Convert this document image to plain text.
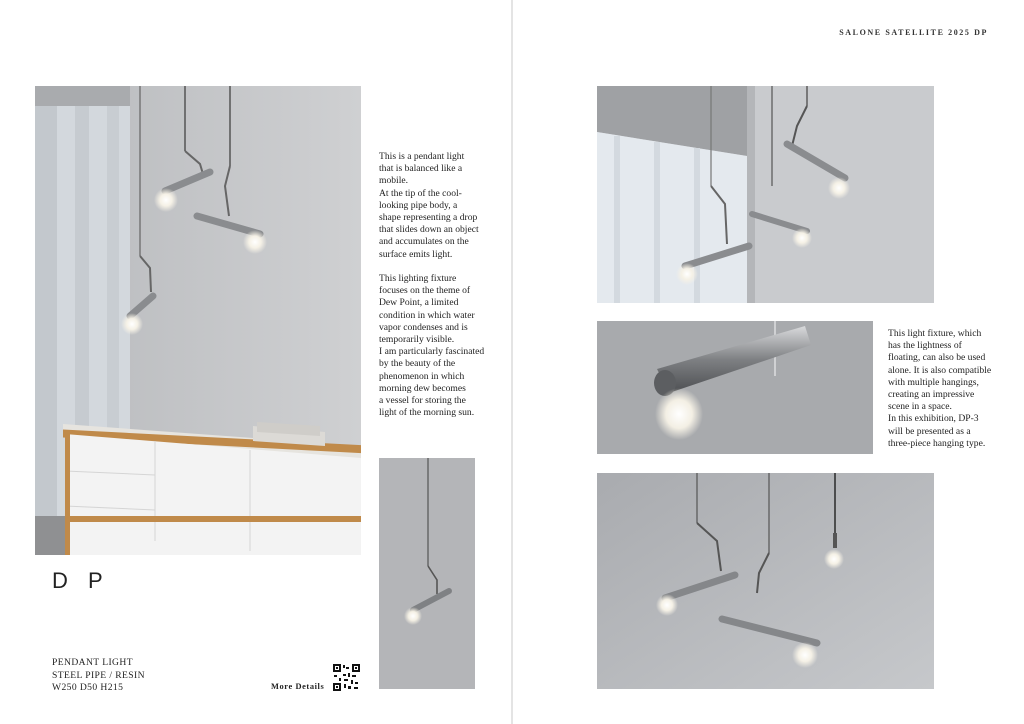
This is a pendant light
that is balanced like a
mobile.
At the tip of the cool-
looking pipe body, a
shape representing a drop
that slides down an object
and accumulates on the
surface emits light.

This lighting fixture
focuses on the theme of
Dew Point, a limited
condition in which water
vapor condenses and is
temporarily visible.
I am particularly fascinated
by the beauty of the
phenomenon in which
morning dew becomes
a vessel for storing the
light of the morning sun.
D P
PENDANT LIGHT
STEEL PIPE / RESIN
W250 D50 H215	More Details
SALONE SATELLITE 2025 DP
This light fixture, which
has the lightness of
floating, can also be used
alone. It is also compatible
with multiple hangings,
creating an impressive
scene in a space.
In this exhibition, DP-3
will be presented as a
three-piece hanging type.
